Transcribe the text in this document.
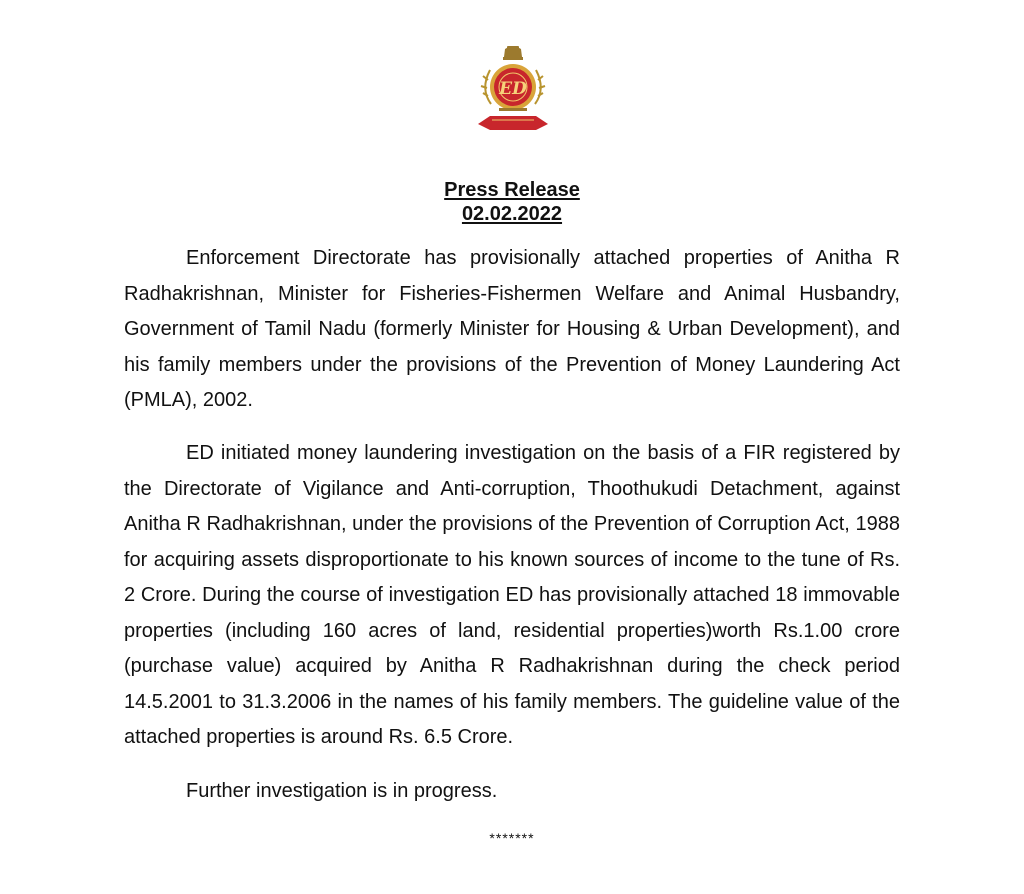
ED
Press Release
02.02.2022

Enforcement Directorate has provisionally attached properties of Anitha R Radhakrishnan, Minister for Fisheries-Fishermen Welfare and Animal Husbandry, Government of Tamil Nadu (formerly Minister for Housing & Urban Development), and his family members under the provisions of the Prevention of Money Laundering Act (PMLA), 2002.

ED initiated money laundering investigation on the basis of a FIR registered by the Directorate of Vigilance and Anti-corruption, Thoothukudi Detachment, against Anitha R Radhakrishnan, under the provisions of the Prevention of Corruption Act, 1988 for acquiring assets disproportionate to his known sources of income to the tune of Rs. 2 Crore. During the course of investigation ED has provisionally attached 18 immovable properties (including 160 acres of land, residential properties)worth Rs.1.00 crore (purchase value) acquired by Anitha R Radhakrishnan during the check period 14.5.2001 to 31.3.2006 in the names of his family members. The guideline value of the attached properties is around Rs. 6.5 Crore.

Further investigation is in progress.

*******
